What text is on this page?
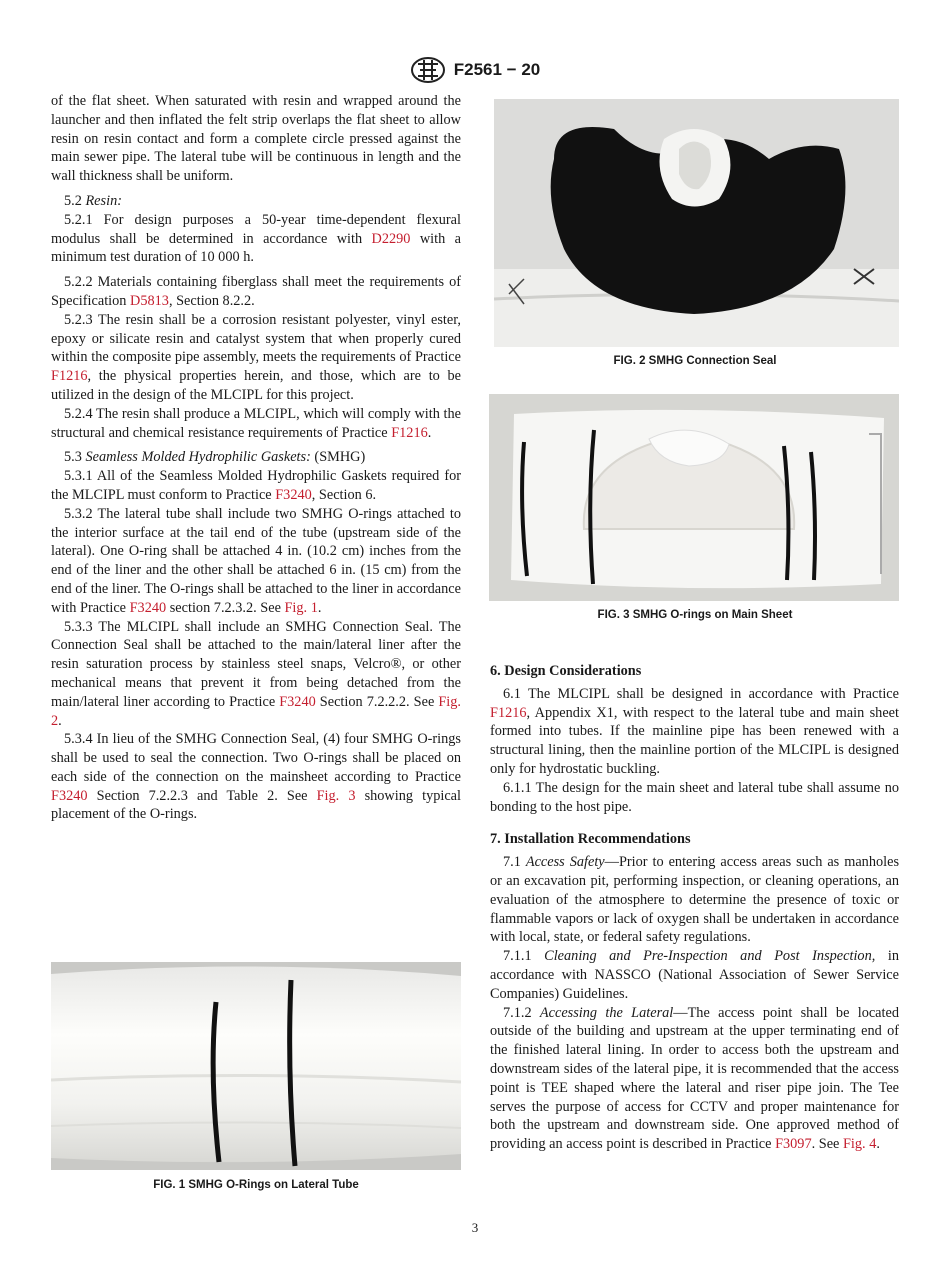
F2561 − 20

of the flat sheet. When saturated with resin and wrapped around the launcher and then inflated the felt strip overlaps the flat sheet to allow resin on resin contact and form a complete circle pressed against the main sewer pipe. The lateral tube will be continuous in length and the wall thickness shall be uniform.

5.2 Resin:

5.2.1 For design purposes a 50-year time-dependent flexural modulus shall be determined in accordance with D2290 with a minimum test duration of 10 000 h.

5.2.2 Materials containing fiberglass shall meet the requirements of Specification D5813, Section 8.2.2.

5.2.3 The resin shall be a corrosion resistant polyester, vinyl ester, epoxy or silicate resin and catalyst system that when properly cured within the composite pipe assembly, meets the requirements of Practice F1216, the physical properties herein, and those, which are to be utilized in the design of the MLCIPL for this project.

5.2.4 The resin shall produce a MLCIPL, which will comply with the structural and chemical resistance requirements of Practice F1216.

5.3 Seamless Molded Hydrophilic Gaskets: (SMHG)

5.3.1 All of the Seamless Molded Hydrophilic Gaskets required for the MLCIPL must conform to Practice F3240, Section 6.

5.3.2 The lateral tube shall include two SMHG O-rings attached to the interior surface at the tail end of the tube (upstream side of the lateral). One O-ring shall be attached 4 in. (10.2 cm) inches from the end of the liner and the other shall be attached 6 in. (15 cm) from the end of the liner. The O-rings shall be attached to the liner in accordance with Practice F3240 section 7.2.3.2. See Fig. 1.

5.3.3 The MLCIPL shall include an SMHG Connection Seal. The Connection Seal shall be attached to the main/lateral liner after the resin saturation process by stainless steel snaps, Velcro®, or other mechanical means that prevent it from being detached from the main/lateral liner according to Practice F3240 Section 7.2.2.2. See Fig. 2.

5.3.4 In lieu of the SMHG Connection Seal, (4) four SMHG O-rings shall be used to seal the connection. Two O-rings shall be placed on each side of the connection on the mainsheet according to Practice F3240 Section 7.2.2.3 and Table 2. See Fig. 3 showing typical placement of the O-rings.

FIG. 1 SMHG O-Rings on Lateral Tube
FIG. 2 SMHG Connection Seal
FIG. 3 SMHG O-rings on Main Sheet
6. Design Considerations

6.1 The MLCIPL shall be designed in accordance with Practice F1216, Appendix X1, with respect to the lateral tube and main sheet formed into tubes. If the mainline pipe has been renewed with a structural lining, then the mainline portion of the MLCIPL is designed only for hydrostatic buckling.

6.1.1 The design for the main sheet and lateral tube shall assume no bonding to the host pipe.

7. Installation Recommendations

7.1 Access Safety—Prior to entering access areas such as manholes or an excavation pit, performing inspection, or cleaning operations, an evaluation of the atmosphere to determine the presence of toxic or flammable vapors or lack of oxygen shall be undertaken in accordance with local, state, or federal safety regulations.

7.1.1 Cleaning and Pre-Inspection and Post Inspection, in accordance with NASSCO (National Association of Sewer Service Companies) Guidelines.

7.1.2 Accessing the Lateral—The access point shall be located outside of the building and upstream at the upper terminating end of the finished lateral lining. In order to access both the upstream and downstream sides of the lateral pipe, it is recommended that the access point is TEE shaped where the lateral and riser pipe join. The Tee serves the purpose of access for CCTV and proper maintenance for both the upstream and downstream side. One approved method of providing an access point is described in Practice F3097. See Fig. 4.

3
